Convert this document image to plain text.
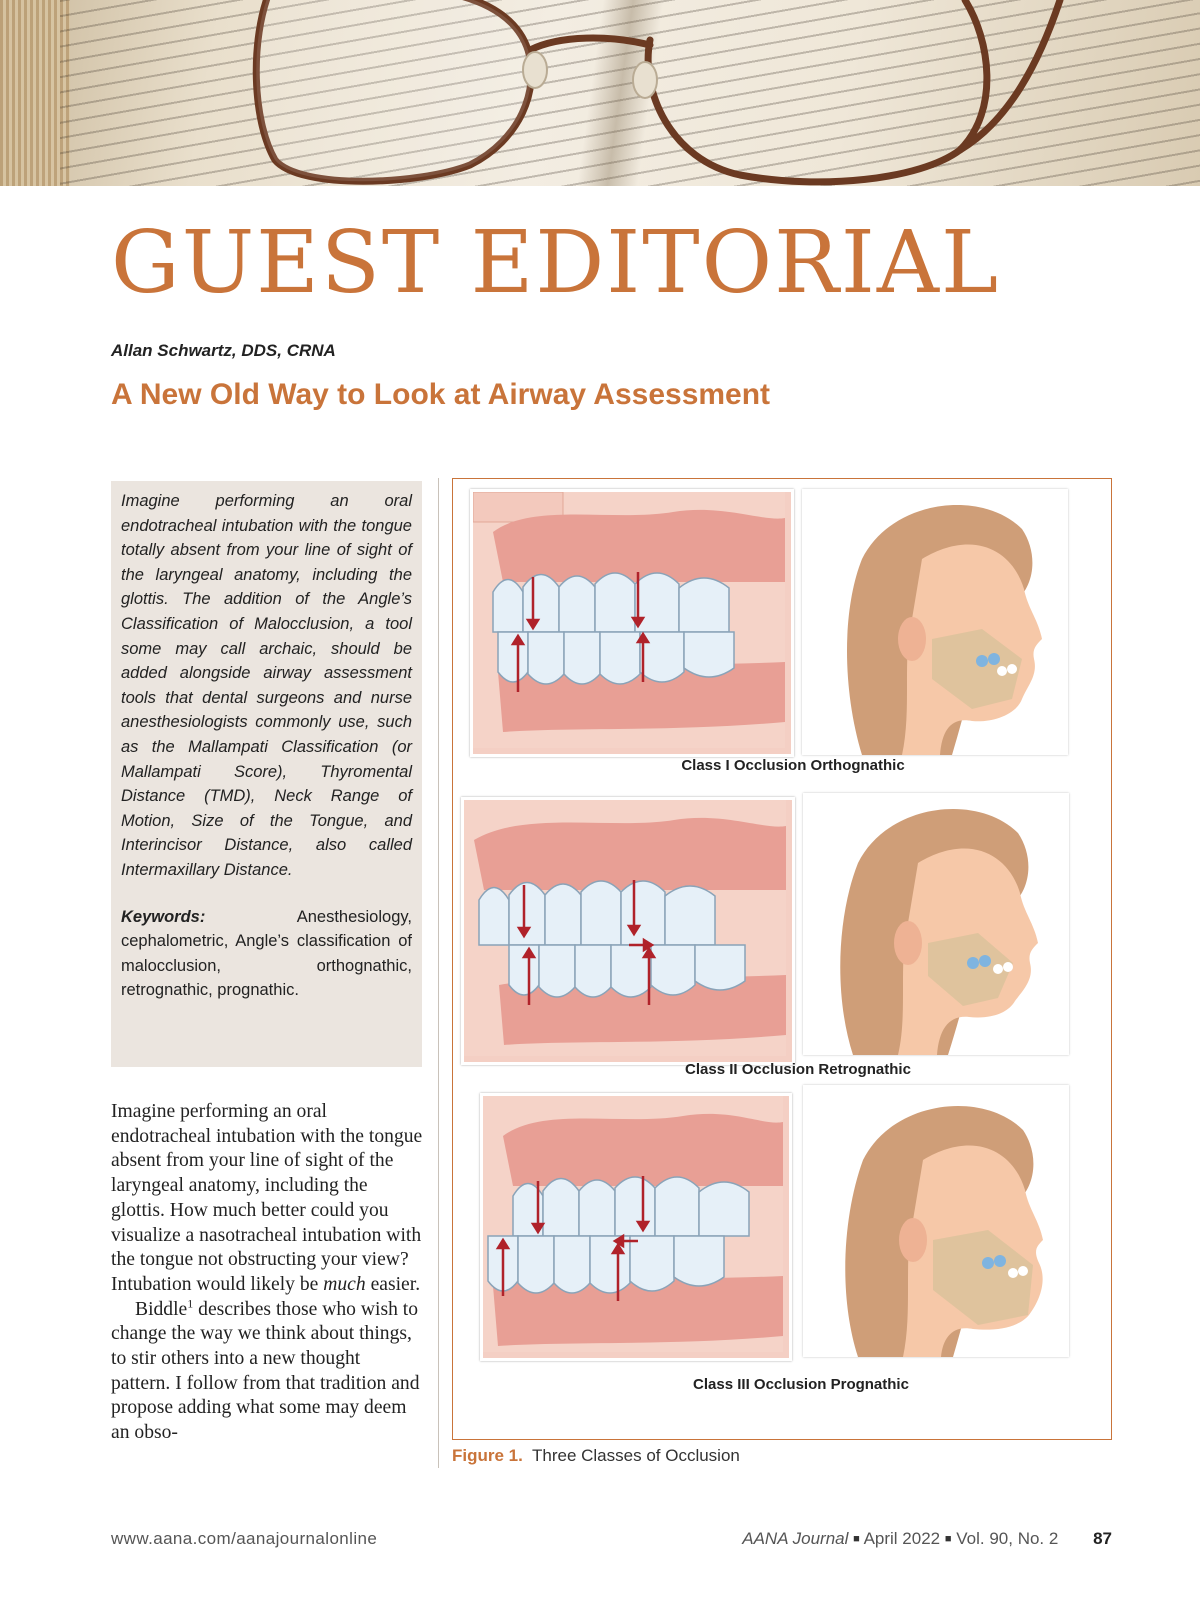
GUEST EDITORIAL
Allan Schwartz, DDS, CRNA
A New Old Way to Look at Airway Assessment

Imagine performing an oral endotracheal intubation with the tongue totally absent from your line of sight of the laryngeal anatomy, including the glottis. The addition of the Angle’s Classification of Malocclusion, a tool some may call archaic, should be added alongside airway assessment tools that dental surgeons and nurse anesthesiologists commonly use, such as the Mallampati Classification (or Mallampati Score), Thyromental Distance (TMD), Neck Range of Motion, Size of the Tongue, and Interincisor Distance, also called Intermaxillary Distance.

Keywords:	Anesthesiology, cephalometric, Angle’s classification of malocclusion, orthognathic, retrognathic, prognathic.

Imagine performing an oral endotracheal intubation with the tongue absent from your line of sight of the laryngeal anatomy, including the glottis. How much better could you visualize a nasotracheal intubation with the tongue not obstructing your view? Intubation would likely be much easier.

Biddle$^1$ describes those who wish to change the way we think about things, to stir others into a new thought pattern. I follow from that tradition and propose adding what some may deem an obso-

Class I Occlusion Orthognathic
Class II Occlusion Retrognathic
Class III Occlusion Prognathic
Figure 1. Three Classes of Occlusion
www.aana.com/aanajournalonline	AANA Journal ■ April 2022 ■ Vol. 90, No. 2 87
